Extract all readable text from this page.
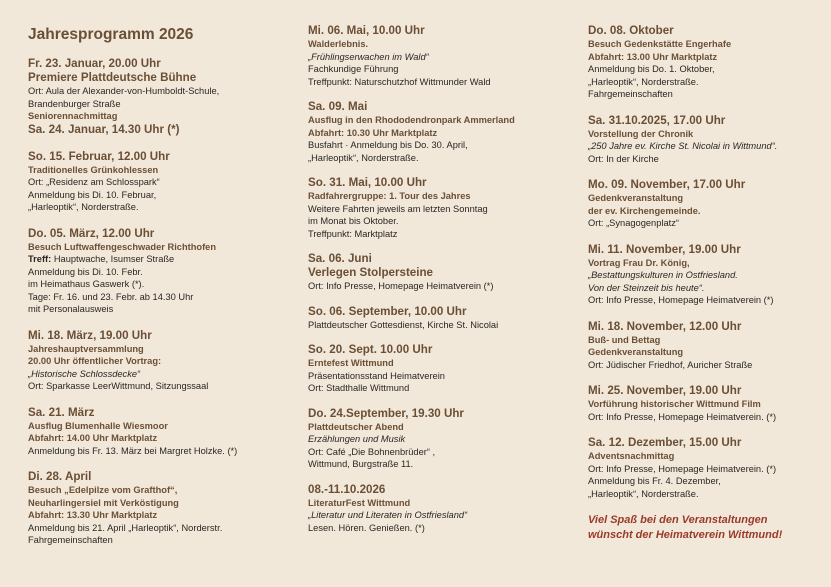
Jahresprogramm 2026
Fr. 23. Januar, 20.00 Uhr
Premiere Plattdeutsche Bühne
Ort: Aula der Alexander-von-Humboldt-Schule,
Brandenburger Straße
Seniorennachmittag
Sa. 24. Januar, 14.30 Uhr (*)
So. 15. Februar, 12.00 Uhr
Traditionelles Grünkohlessen
Ort: „Residenz am Schlosspark“
Anmeldung bis Di. 10. Februar,
„Harleoptik“, Norderstraße.
Do. 05. März, 12.00 Uhr
Besuch Luftwaffengeschwader Richthofen
Treff: Hauptwache, Isumser Straße
Anmeldung bis Di. 10. Febr.
im Heimathaus Gaswerk (*).
Tage: Fr. 16. und 23. Febr. ab 14.30 Uhr
mit Personalausweis
Mi. 18. März, 19.00 Uhr
Jahreshauptversammlung
20.00 Uhr öffentlicher Vortrag:
„Historische Schlossdecke“
Ort: Sparkasse LeerWittmund, Sitzungssaal
Sa. 21. März
Ausflug Blumenhalle Wiesmoor
Abfahrt: 14.00 Uhr Marktplatz
Anmeldung bis Fr. 13. März bei Margret Holzke. (*)
Di. 28. April
Besuch „Edelpilze vom Grafthof“,
Neuharlingersiel mit Verköstigung
Abfahrt: 13.30 Uhr Marktplatz
Anmeldung bis 21. April „Harleoptik“, Norderstr.
Fahrgemeinschaften
Mi. 06. Mai, 10.00 Uhr
Walderlebnis.
„Frühlingserwachen im Wald“
Fachkundige Führung
Treffpunkt: Naturschutzhof Wittmunder Wald
Sa. 09. Mai
Ausflug in den Rhododendronpark Ammerland
Abfahrt: 10.30 Uhr Marktplatz
Busfahrt · Anmeldung bis Do. 30. April,
„Harleoptik“, Norderstraße.
So. 31. Mai, 10.00 Uhr
Radfahrergruppe: 1. Tour des Jahres
Weitere Fahrten jeweils am letzten Sonntag
im Monat bis Oktober.
Treffpunkt: Marktplatz
Sa. 06. Juni
Verlegen Stolpersteine
Ort: Info Presse, Homepage Heimatverein (*)
So. 06. September, 10.00 Uhr
Plattdeutscher Gottesdienst, Kirche St. Nicolai
So. 20. Sept. 10.00 Uhr
Erntefest Wittmund
Präsentationsstand Heimatverein
Ort: Stadthalle Wittmund
Do. 24.September, 19.30 Uhr
Plattdeutscher Abend
Erzählungen und Musik
Ort: Café „Die Bohnenbrüder“ ,
Wittmund, Burgstraße 11.
08.-11.10.2026
LiteraturFest Wittmund
„Literatur und Literaten in Ostfriesland“
Lesen. Hören. Genießen. (*)
Do. 08. Oktober
Besuch Gedenkstätte Engerhafe
Abfahrt: 13.00 Uhr Marktplatz
Anmeldung bis Do. 1. Oktober,
„Harleoptik“, Norderstraße.
Fahrgemeinschaften
Sa. 31.10.2025, 17.00 Uhr
Vorstellung der Chronik
„250 Jahre ev. Kirche St. Nicolai in Wittmund“.
Ort: In der Kirche
Mo. 09. November, 17.00 Uhr
Gedenkveranstaltung
der ev. Kirchengemeinde.
Ort: „Synagogenplatz“
Mi. 11. November, 19.00 Uhr
Vortrag Frau Dr. König,
„Bestattungskulturen in Ostfriesland.
Von der Steinzeit bis heute“.
Ort: Info Presse, Homepage Heimatverein (*)
Mi. 18. November, 12.00 Uhr
Buß- und Bettag
Gedenkveranstaltung
Ort: Jüdischer Friedhof, Auricher Straße
Mi. 25. November, 19.00 Uhr
Vorführung historischer Wittmund Film
Ort: Info Presse, Homepage Heimatverein. (*)
Sa. 12. Dezember, 15.00 Uhr
Adventsnachmittag
Ort: Info Presse, Homepage Heimatverein. (*)
Anmeldung bis Fr. 4. Dezember,
„Harleoptik“, Norderstraße.
Viel Spaß bei den Veranstaltungen
wünscht der Heimatverein Wittmund!
